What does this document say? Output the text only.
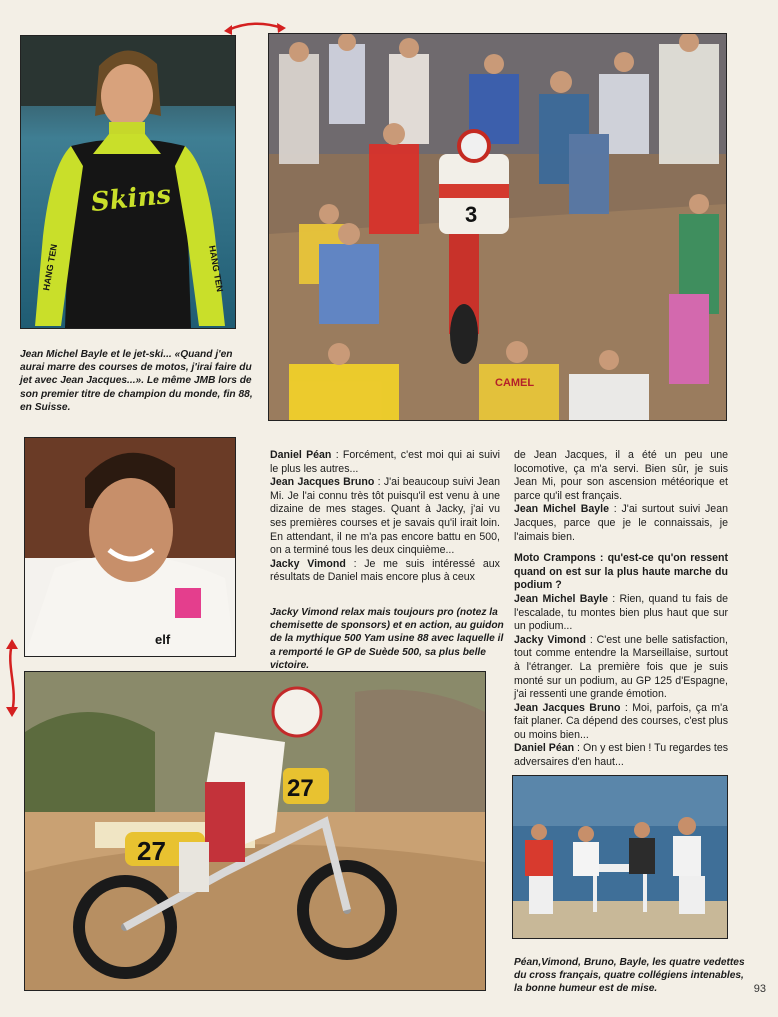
Skins
HANG TEN
HANG TEN
3
CAMEL
Jean Michel Bayle et le jet-ski... «Quand j'en
aurai marre des courses de motos, j'irai faire du
jet avec Jean Jacques...». Le même JMB lors de
son premier titre de champion du monde, fin 88,
en Suisse.
elf

Daniel Péan : Forcément, c'est moi qui ai suivi le plus les autres...

Jean Jacques Bruno : J'ai beaucoup suivi Jean Mi. Je l'ai connu très tôt puisqu'il est venu à une dizaine de mes stages. Quant à Jacky, j'ai vu ses premières courses et je savais qu'il irait loin. En attendant, il ne m'a pas encore battu en 500, on a terminé tous les deux cinquième...

Jacky Vimond : Je me suis intéressé aux résultats de Daniel mais encore plus à ceux

Jacky Vimond relax mais toujours pro (notez la
chemisette de sponsors) et en action, au guidon
de la mythique 500 Yam usine 88 avec laquelle il
a remporté le GP de Suède 500, sa plus belle
victoire.

de Jean Jacques, il a été un peu une locomotive, ça m'a servi. Bien sûr, je suis Jean Mi, pour son ascension météorique et parce qu'il est français.

Jean Michel Bayle : J'ai surtout suivi Jean Jacques, parce que je le connaissais, je l'aimais bien.

Moto Crampons : qu'est-ce qu'on ressent quand on est sur la plus haute marche du podium ?

Jean Michel Bayle : Rien, quand tu fais de l'escalade, tu montes bien plus haut que sur un podium...

Jacky Vimond : C'est une belle satisfaction, tout comme entendre la Marseillaise, surtout à l'étranger. La première fois que je suis monté sur un podium, au GP 125 d'Espagne, j'ai ressenti une grande émotion.

Jean Jacques Bruno : Moi, parfois, ça m'a fait planer. Ca dépend des courses, c'est plus ou moins bien...

Daniel Péan : On y est bien ! Tu regardes tes adversaires d'en haut...

27
27
Péan,Vimond, Bruno, Bayle, les quatre vedettes
du cross français, quatre collégiens intenables,
la bonne humeur est de mise.	93
